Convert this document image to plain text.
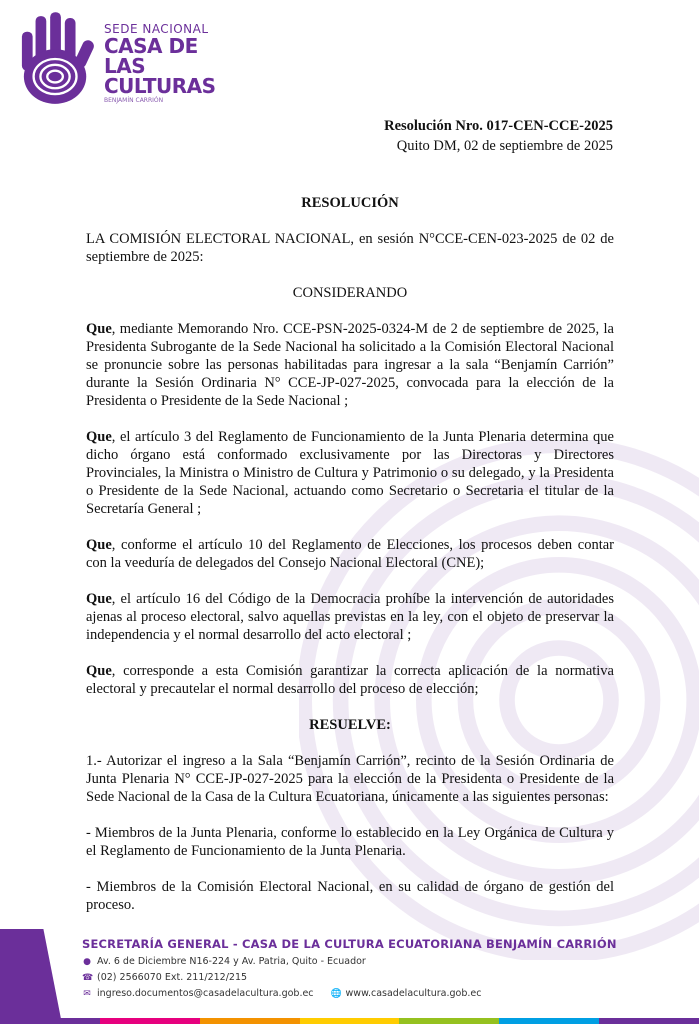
SEDE NACIONAL
CASA DE LAS
CULTURAS
BENJAMÍN CARRIÓN
Resolución Nro. 017-CEN-CCE-2025
Quito DM, 02 de septiembre de 2025

RESOLUCIÓN

LA COMISIÓN ELECTORAL NACIONAL, en sesión N°CCE-CEN-023-2025 de 02 de septiembre de 2025:

CONSIDERANDO

Que, mediante Memorando Nro. CCE-PSN-2025-0324-M de 2 de septiembre de 2025, la Presidenta Subrogante de la Sede Nacional ha solicitado a la Comisión Electoral Nacional se pronuncie sobre las personas habilitadas para ingresar a la sala “Benjamín Carrión” durante la Sesión Ordinaria N° CCE-JP-027-2025, convocada para la elección de la Presidenta o Presidente de la Sede Nacional ;

Que, el artículo 3 del Reglamento de Funcionamiento de la Junta Plenaria determina que dicho órgano está conformado exclusivamente por las Directoras y Directores Provinciales, la Ministra o Ministro de Cultura y Patrimonio o su delegado, y la Presidenta o Presidente de la Sede Nacional, actuando como Secretario o Secretaria el titular de la Secretaría General ;

Que, conforme el artículo 10 del Reglamento de Elecciones, los procesos deben contar con la veeduría de delegados del Consejo Nacional Electoral (CNE);

Que, el artículo 16 del Código de la Democracia prohíbe la intervención de autoridades ajenas al proceso electoral, salvo aquellas previstas en la ley, con el objeto de preservar la independencia y el normal desarrollo del acto electoral ;

Que, corresponde a esta Comisión garantizar la correcta aplicación de la normativa electoral y precautelar el normal desarrollo del proceso de elección;

RESUELVE:

1.- Autorizar el ingreso a la Sala “Benjamín Carrión”, recinto de la Sesión Ordinaria de Junta Plenaria N° CCE-JP-027-2025 para la elección de la Presidenta o Presidente de la Sede Nacional de la Casa de la Cultura Ecuatoriana, únicamente a las siguientes personas:

- Miembros de la Junta Plenaria, conforme lo establecido en la Ley Orgánica de Cultura y el Reglamento de Funcionamiento de la Junta Plenaria.

- Miembros de la Comisión Electoral Nacional, en su calidad de órgano de gestión del proceso.

SECRETARÍA GENERAL - CASA DE LA CULTURA ECUATORIANA BENJAMÍN CARRIÓN
● Av. 6 de Diciembre N16-224 y Av. Patria, Quito - Ecuador
☎ (02) 2566070 Ext. 211/212/215
✉ ingreso.documentos@casadelacultura.gob.ec 🌐 www.casadelacultura.gob.ec
